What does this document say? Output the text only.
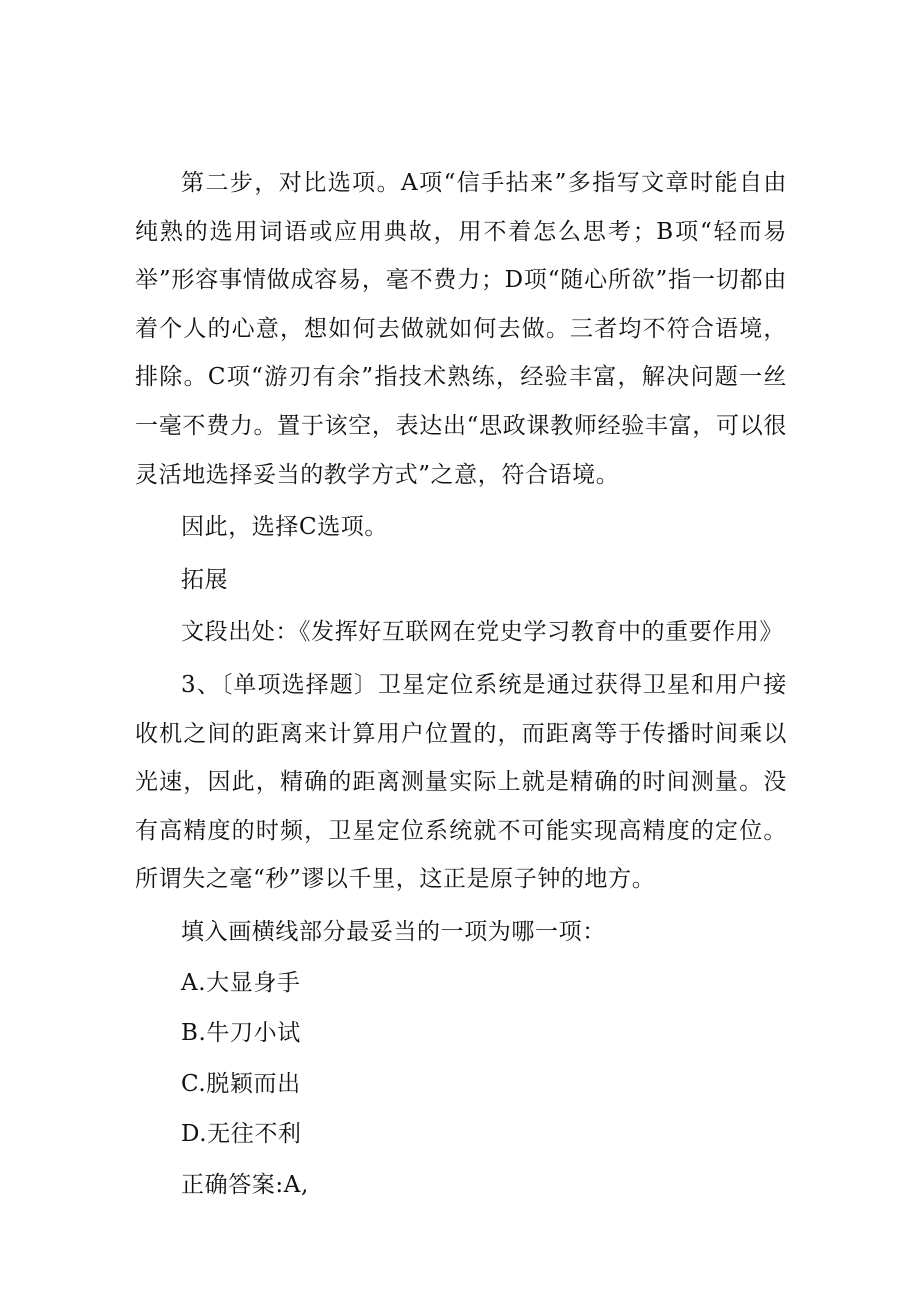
第二步，对比选项。A项“信手拈来”多指写文章时能自由纯熟的选用词语或应用典故，用不着怎么思考；B项“轻而易举”形容事情做成容易，毫不费力；D项“随心所欲”指一切都由着个人的心意，想如何去做就如何去做。三者均不符合语境，排除。C项“游刃有余”指技术熟练，经验丰富，解决问题一丝一毫不费力。置于该空，表达出“思政课教师经验丰富，可以很灵活地选择妥当的教学方式”之意，符合语境。

因此，选择C选项。

拓展

文段出处：《发挥好互联网在党史学习教育中的重要作用》

3、〔单项选择题〕卫星定位系统是通过获得卫星和用户接收机之间的距离来计算用户位置的，而距离等于传播时间乘以光速，因此，精确的距离测量实际上就是精确的时间测量。没有高精度的时频，卫星定位系统就不可能实现高精度的定位。所谓失之毫“秒”谬以千里，这正是原子钟的地方。

填入画横线部分最妥当的一项为哪一项：

A.大显身手

B.牛刀小试

C.脱颖而出

D.无往不利

正确答案:A,
